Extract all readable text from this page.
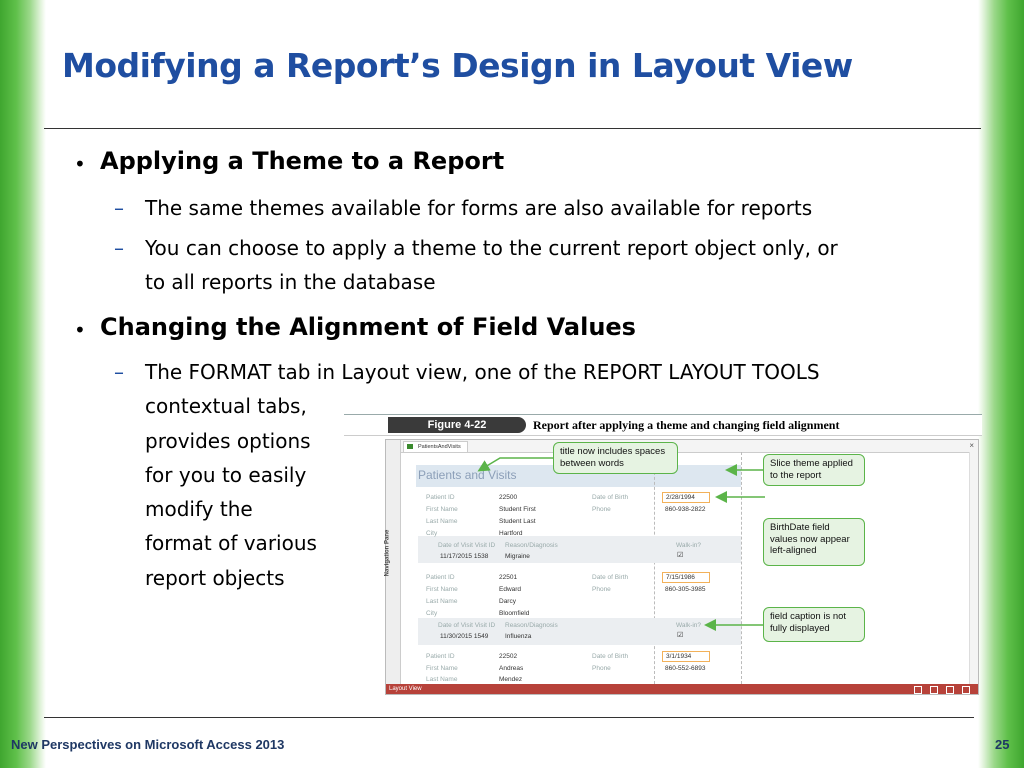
Modifying a Report’s Design in Layout View
• Applying a Theme to a Report
– The same themes available for forms are also available for reports
– You can choose to apply a theme to the current report object only, or
to all reports in the database
• Changing the Alignment of Field Values
– The FORMAT tab in Layout view, one of the REPORT LAYOUT TOOLS
contextual tabs,
provides options
for you to easily
modify the
format of various
report objects
Figure 4-22	Report after applying a theme and changing field alignment
Navigation Pane
PatientsAndVisits	×
Patients and Visits
Patient ID	22500	Date of Birth	2/28/1994
First Name	Student First	Phone	860-938-2822
Last Name	Student Last
City	Hartford
Date of Visit Visit ID Reason/Diagnosis	Walk-in?
11/17/2015 1538	Migraine	☑
Patient ID	22501	Date of Birth	7/15/1986
First Name	Edward	Phone	860-305-3985
Last Name	Darcy
City	Bloomfield
Date of Visit Visit ID Reason/Diagnosis	Walk-in?
11/30/2015 1549	Influenza	☑
Patient ID	22502	Date of Birth	3/1/1934
First Name	Andreas	Phone	860-552-6893
Last Name	Mendez
Layout View
title now includes spaces
between words	Slice theme applied
to the report
BirthDate field
values now appear
left-aligned
field caption is not
fully displayed
New Perspectives on Microsoft Access 2013	25
